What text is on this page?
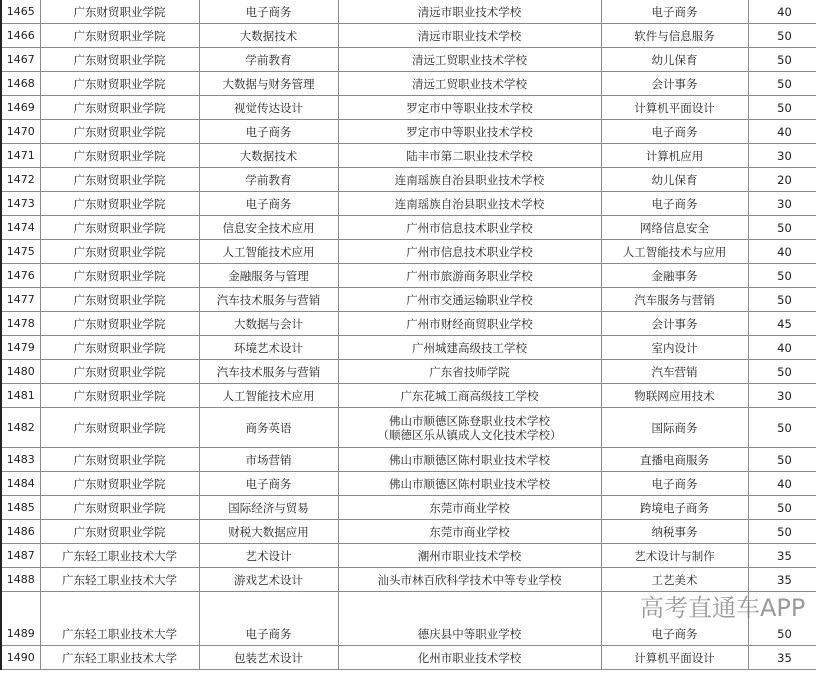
1465	广东财贸职业学院	电子商务	清远市职业技术学校	电子商务	40
1466	广东财贸职业学院	大数据技术	清远市职业技术学校	软件与信息服务	50
1467	广东财贸职业学院	学前教育	清远工贸职业技术学校	幼儿保育	50
1468	广东财贸职业学院	大数据与财务管理	清远工贸职业技术学校	会计事务	50
1469	广东财贸职业学院	视觉传达设计	罗定市中等职业技术学校	计算机平面设计	50
1470	广东财贸职业学院	电子商务	罗定市中等职业技术学校	电子商务	40
1471	广东财贸职业学院	大数据技术	陆丰市第二职业技术学校	计算机应用	30
1472	广东财贸职业学院	学前教育	连南瑶族自治县职业技术学校	幼儿保育	20
1473	广东财贸职业学院	电子商务	连南瑶族自治县职业技术学校	电子商务	30
1474	广东财贸职业学院	信息安全技术应用	广州市信息技术职业学校	网络信息安全	50
1475	广东财贸职业学院	人工智能技术应用	广州市信息技术职业学校	人工智能技术与应用	40
1476	广东财贸职业学院	金融服务与管理	广州市旅游商务职业学校	金融事务	50
1477	广东财贸职业学院	汽车技术服务与营销	广州市交通运输职业学校	汽车服务与营销	50
1478	广东财贸职业学院	大数据与会计	广州市财经商贸职业学校	会计事务	45
1479	广东财贸职业学院	环境艺术设计	广州城建高级技工学校	室内设计	40
1480	广东财贸职业学院	汽车技术服务与营销	广东省技师学院	汽车营销	50
1481	广东财贸职业学院	人工智能技术应用	广东花城工商高级技工学校	物联网应用技术	30
1482	广东财贸职业学院	商务英语	佛山市顺德区陈登职业技术学校
（顺德区乐从镇成人文化技术学校）	国际商务	50
1483	广东财贸职业学院	市场营销	佛山市顺德区陈村职业技术学校	直播电商服务	50
1484	广东财贸职业学院	电子商务	佛山市顺德区陈村职业技术学校	电子商务	40
1485	广东财贸职业学院	国际经济与贸易	东莞市商业学校	跨境电子商务	50
1486	广东财贸职业学院	财税大数据应用	东莞市商业学校	纳税事务	50
1487	广东轻工职业技术大学	艺术设计	潮州市职业技术学校	艺术设计与制作	35
1488	广东轻工职业技术大学	游戏艺术设计	汕头市林百欣科学技术中等专业学校	工艺美术	35
1489	广东轻工职业技术大学	电子商务	德庆县中等职业学校	电子商务	50
1490	广东轻工职业技术大学	包装艺术设计	化州市职业技术学校	计算机平面设计	35
高考直通车APP
